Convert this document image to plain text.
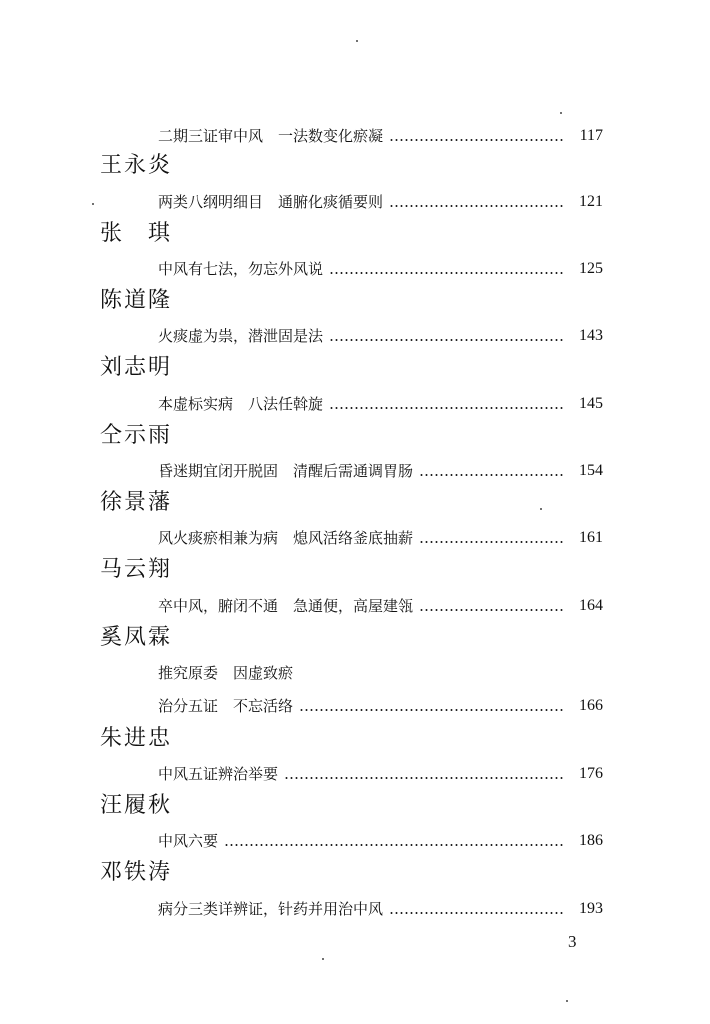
二期三证审中风　一法数变化瘀凝	117
王永炎
两类八纲明细目　通腑化痰循要则	121
张　琪
中风有七法，勿忘外风说	125
陈道隆
火痰虚为祟，潜泄固是法	143
刘志明
本虚标实病　八法任斡旋	145
仝示雨
昏迷期宜闭开脱固　清醒后需通调胃肠	154
徐景藩
风火痰瘀相兼为病　熄风活络釜底抽薪	161
马云翔
卒中风，腑闭不通　急通便，高屋建瓴	164
奚凤霖
推究原委　因虚致瘀
治分五证　不忘活络	166
朱进忠
中风五证辨治举要	176
汪履秋
中风六要	186
邓铁涛
病分三类详辨证，针药并用治中风	193
3
